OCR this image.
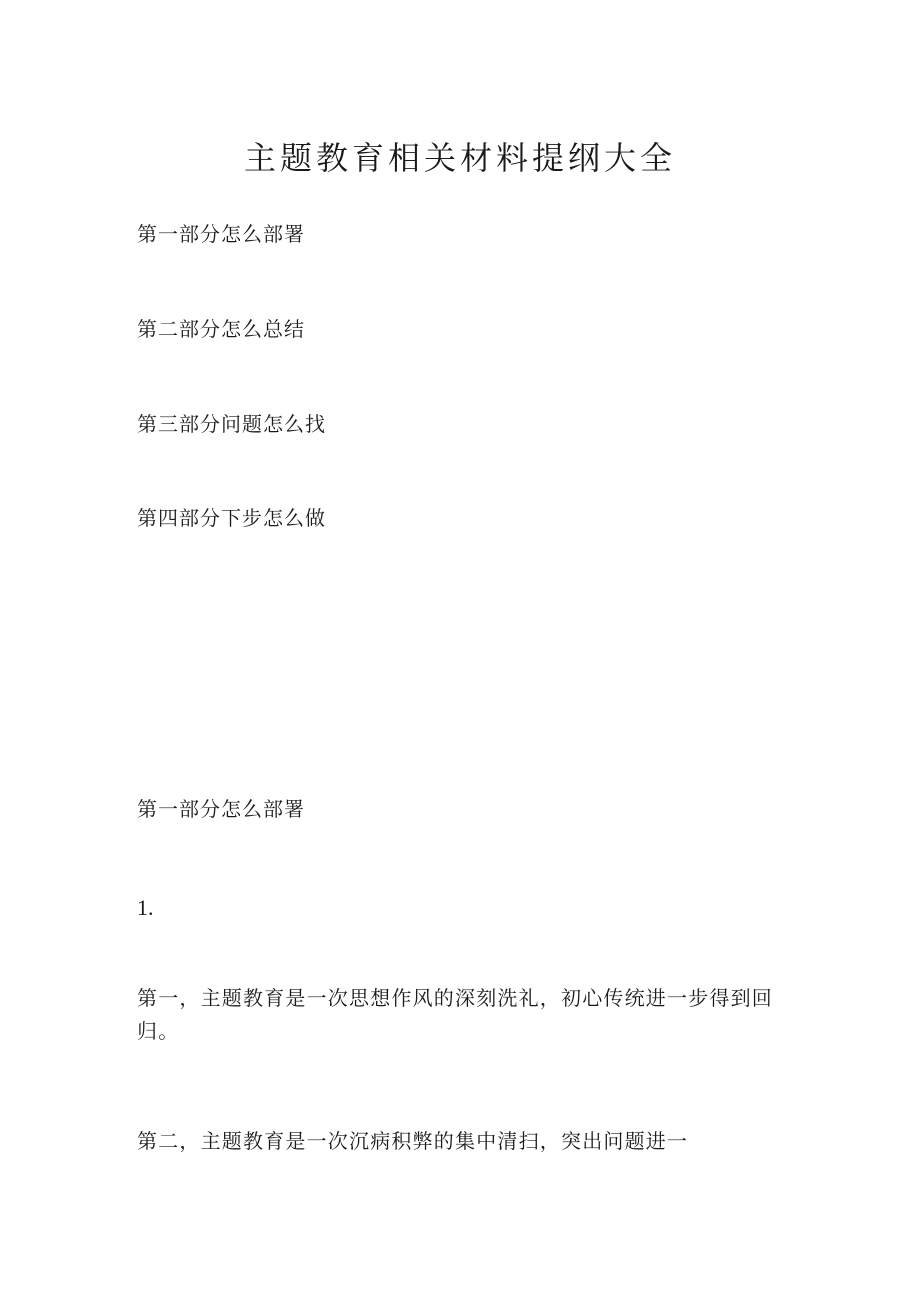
主题教育相关材料提纲大全
第一部分怎么部署
第二部分怎么总结
第三部分问题怎么找
第四部分下步怎么做
第一部分怎么部署
1.
第一，主题教育是一次思想作风的深刻洗礼，初心传统进一步得到回归。
第二，主题教育是一次沉病积弊的集中清扫，突出问题进一
